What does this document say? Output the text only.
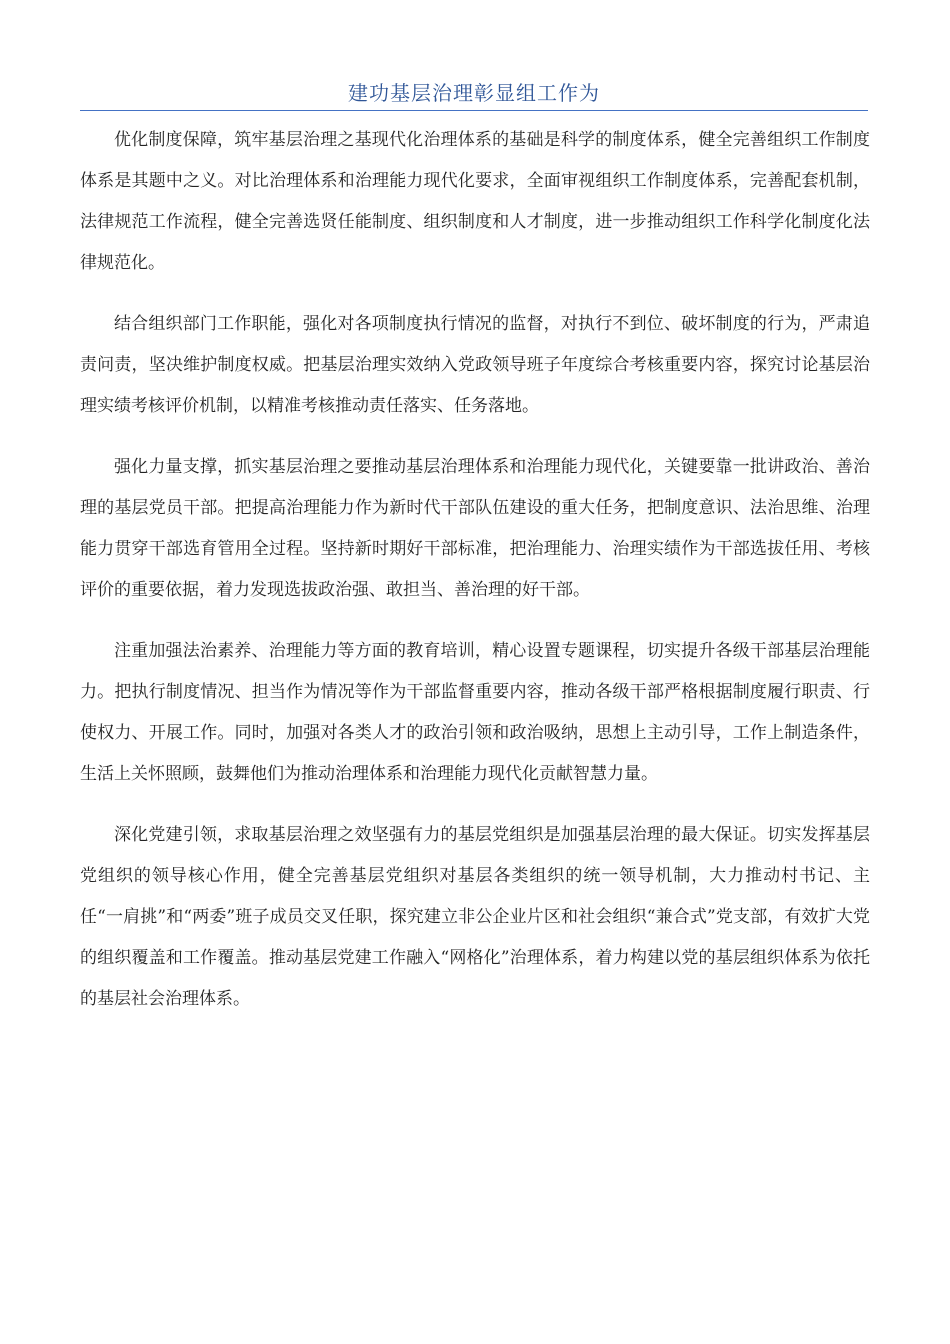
建功基层治理彰显组工作为

优化制度保障，筑牢基层治理之基现代化治理体系的基础是科学的制度体系，健全完善组织工作制度体系是其题中之义。对比治理体系和治理能力现代化要求，全面审视组织工作制度体系，完善配套机制，法律规范工作流程，健全完善选贤任能制度、组织制度和人才制度，进一步推动组织工作科学化制度化法律规范化。

结合组织部门工作职能，强化对各项制度执行情况的监督，对执行不到位、破坏制度的行为，严肃追责问责，坚决维护制度权威。把基层治理实效纳入党政领导班子年度综合考核重要内容，探究讨论基层治理实绩考核评价机制，以精准考核推动责任落实、任务落地。

强化力量支撑，抓实基层治理之要推动基层治理体系和治理能力现代化，关键要靠一批讲政治、善治理的基层党员干部。把提高治理能力作为新时代干部队伍建设的重大任务，把制度意识、法治思维、治理能力贯穿干部选育管用全过程。坚持新时期好干部标准，把治理能力、治理实绩作为干部选拔任用、考核评价的重要依据，着力发现选拔政治强、敢担当、善治理的好干部。

注重加强法治素养、治理能力等方面的教育培训，精心设置专题课程，切实提升各级干部基层治理能力。把执行制度情况、担当作为情况等作为干部监督重要内容，推动各级干部严格根据制度履行职责、行使权力、开展工作。同时，加强对各类人才的政治引领和政治吸纳，思想上主动引导，工作上制造条件，生活上关怀照顾，鼓舞他们为推动治理体系和治理能力现代化贡献智慧力量。

深化党建引领，求取基层治理之效坚强有力的基层党组织是加强基层治理的最大保证。切实发挥基层党组织的领导核心作用，健全完善基层党组织对基层各类组织的统一领导机制，大力推动村书记、主任“一肩挑”和“两委”班子成员交叉任职，探究建立非公企业片区和社会组织“兼合式”党支部，有效扩大党的组织覆盖和工作覆盖。推动基层党建工作融入“网格化”治理体系，着力构建以党的基层组织体系为依托的基层社会治理体系。
